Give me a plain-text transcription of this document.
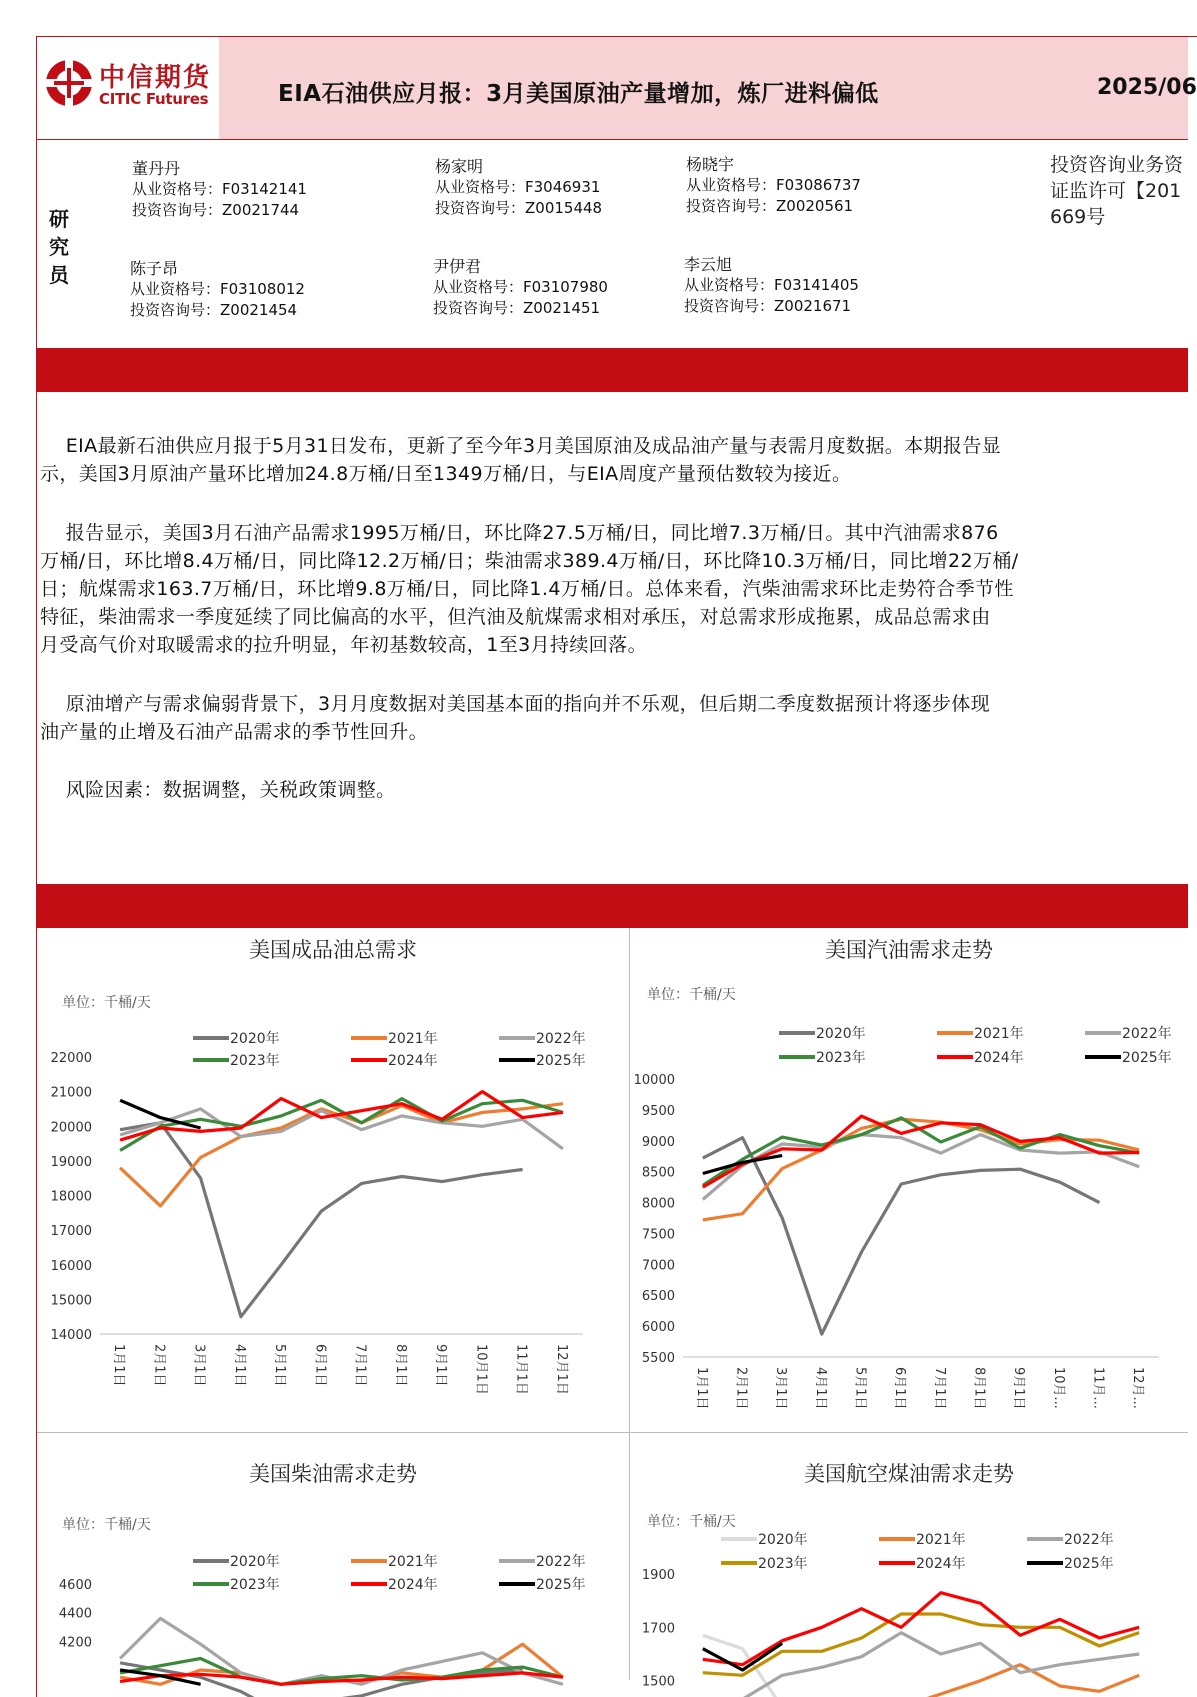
中信期货
CITIC Futures	EIA石油供应月报：3月美国原油产量增加，炼厂进料偏低	2025/06
研究员
董丹丹
从业资格号：F03142141
投资咨询号：Z0021744
杨家明
从业资格号：F3046931
投资咨询号：Z0015448
杨晓宇
从业资格号：F03086737
投资咨询号：Z0020561
陈子昂
从业资格号：F03108012
投资咨询号：Z0021454
尹伊君
从业资格号：F03107980
投资咨询号：Z0021451
李云旭
从业资格号：F03141405
投资咨询号：Z0021671
投资咨询业务资
证监许可【201
669号
EIA最新石油供应月报于5月31日发布，更新了至今年3月美国原油及成品油产量与表需月度数据。本期报告显
示，美国3月原油产量环比增加24.8万桶/日至1349万桶/日，与EIA周度产量预估数较为接近。
报告显示，美国3月石油产品需求1995万桶/日，环比降27.5万桶/日，同比增7.3万桶/日。其中汽油需求876
万桶/日，环比增8.4万桶/日，同比降12.2万桶/日；柴油需求389.4万桶/日，环比降10.3万桶/日，同比增22万桶/
日；航煤需求163.7万桶/日，环比增9.8万桶/日，同比降1.4万桶/日。总体来看，汽柴油需求环比走势符合季节性
特征，柴油需求一季度延续了同比偏高的水平，但汽油及航煤需求相对承压，对总需求形成拖累，成品总需求由
月受高气价对取暖需求的拉升明显，年初基数较高，1至3月持续回落。
原油增产与需求偏弱背景下，3月月度数据对美国基本面的指向并不乐观，但后期二季度数据预计将逐步体现
油产量的止增及石油产品需求的季节性回升。
风险因素：数据调整，关税政策调整。
美国成品油总需求
单位：千桶/天
2020年	2021年	2022年
2023年	2024年	2025年
14000
15000
16000
17000
18000
19000
20000
21000
22000
1月1日 2月1日 3月1日 4月1日 5月1日 6月1日 7月1日 8月1日 9月1日 10月1日 11月1日 12月1日
美国汽油需求走势
单位：千桶/天
2020年	2021年	2022年
2023年	2024年	2025年
5500
6000
6500
7000
7500
8000
8500
9000
9500
10000
1月1日 2月1日 3月1日 4月1日 5月1日 6月1日 7月1日 8月1日 9月1日 10月... 11月... 12月...
美国柴油需求走势
单位：千桶/天
2020年	2021年	2022年
2023年	2024年	2025年
4200
4400
4600
美国航空煤油需求走势
单位：千桶/天
2020年	2021年	2022年
2023年	2024年	2025年
1500
1700
1900
